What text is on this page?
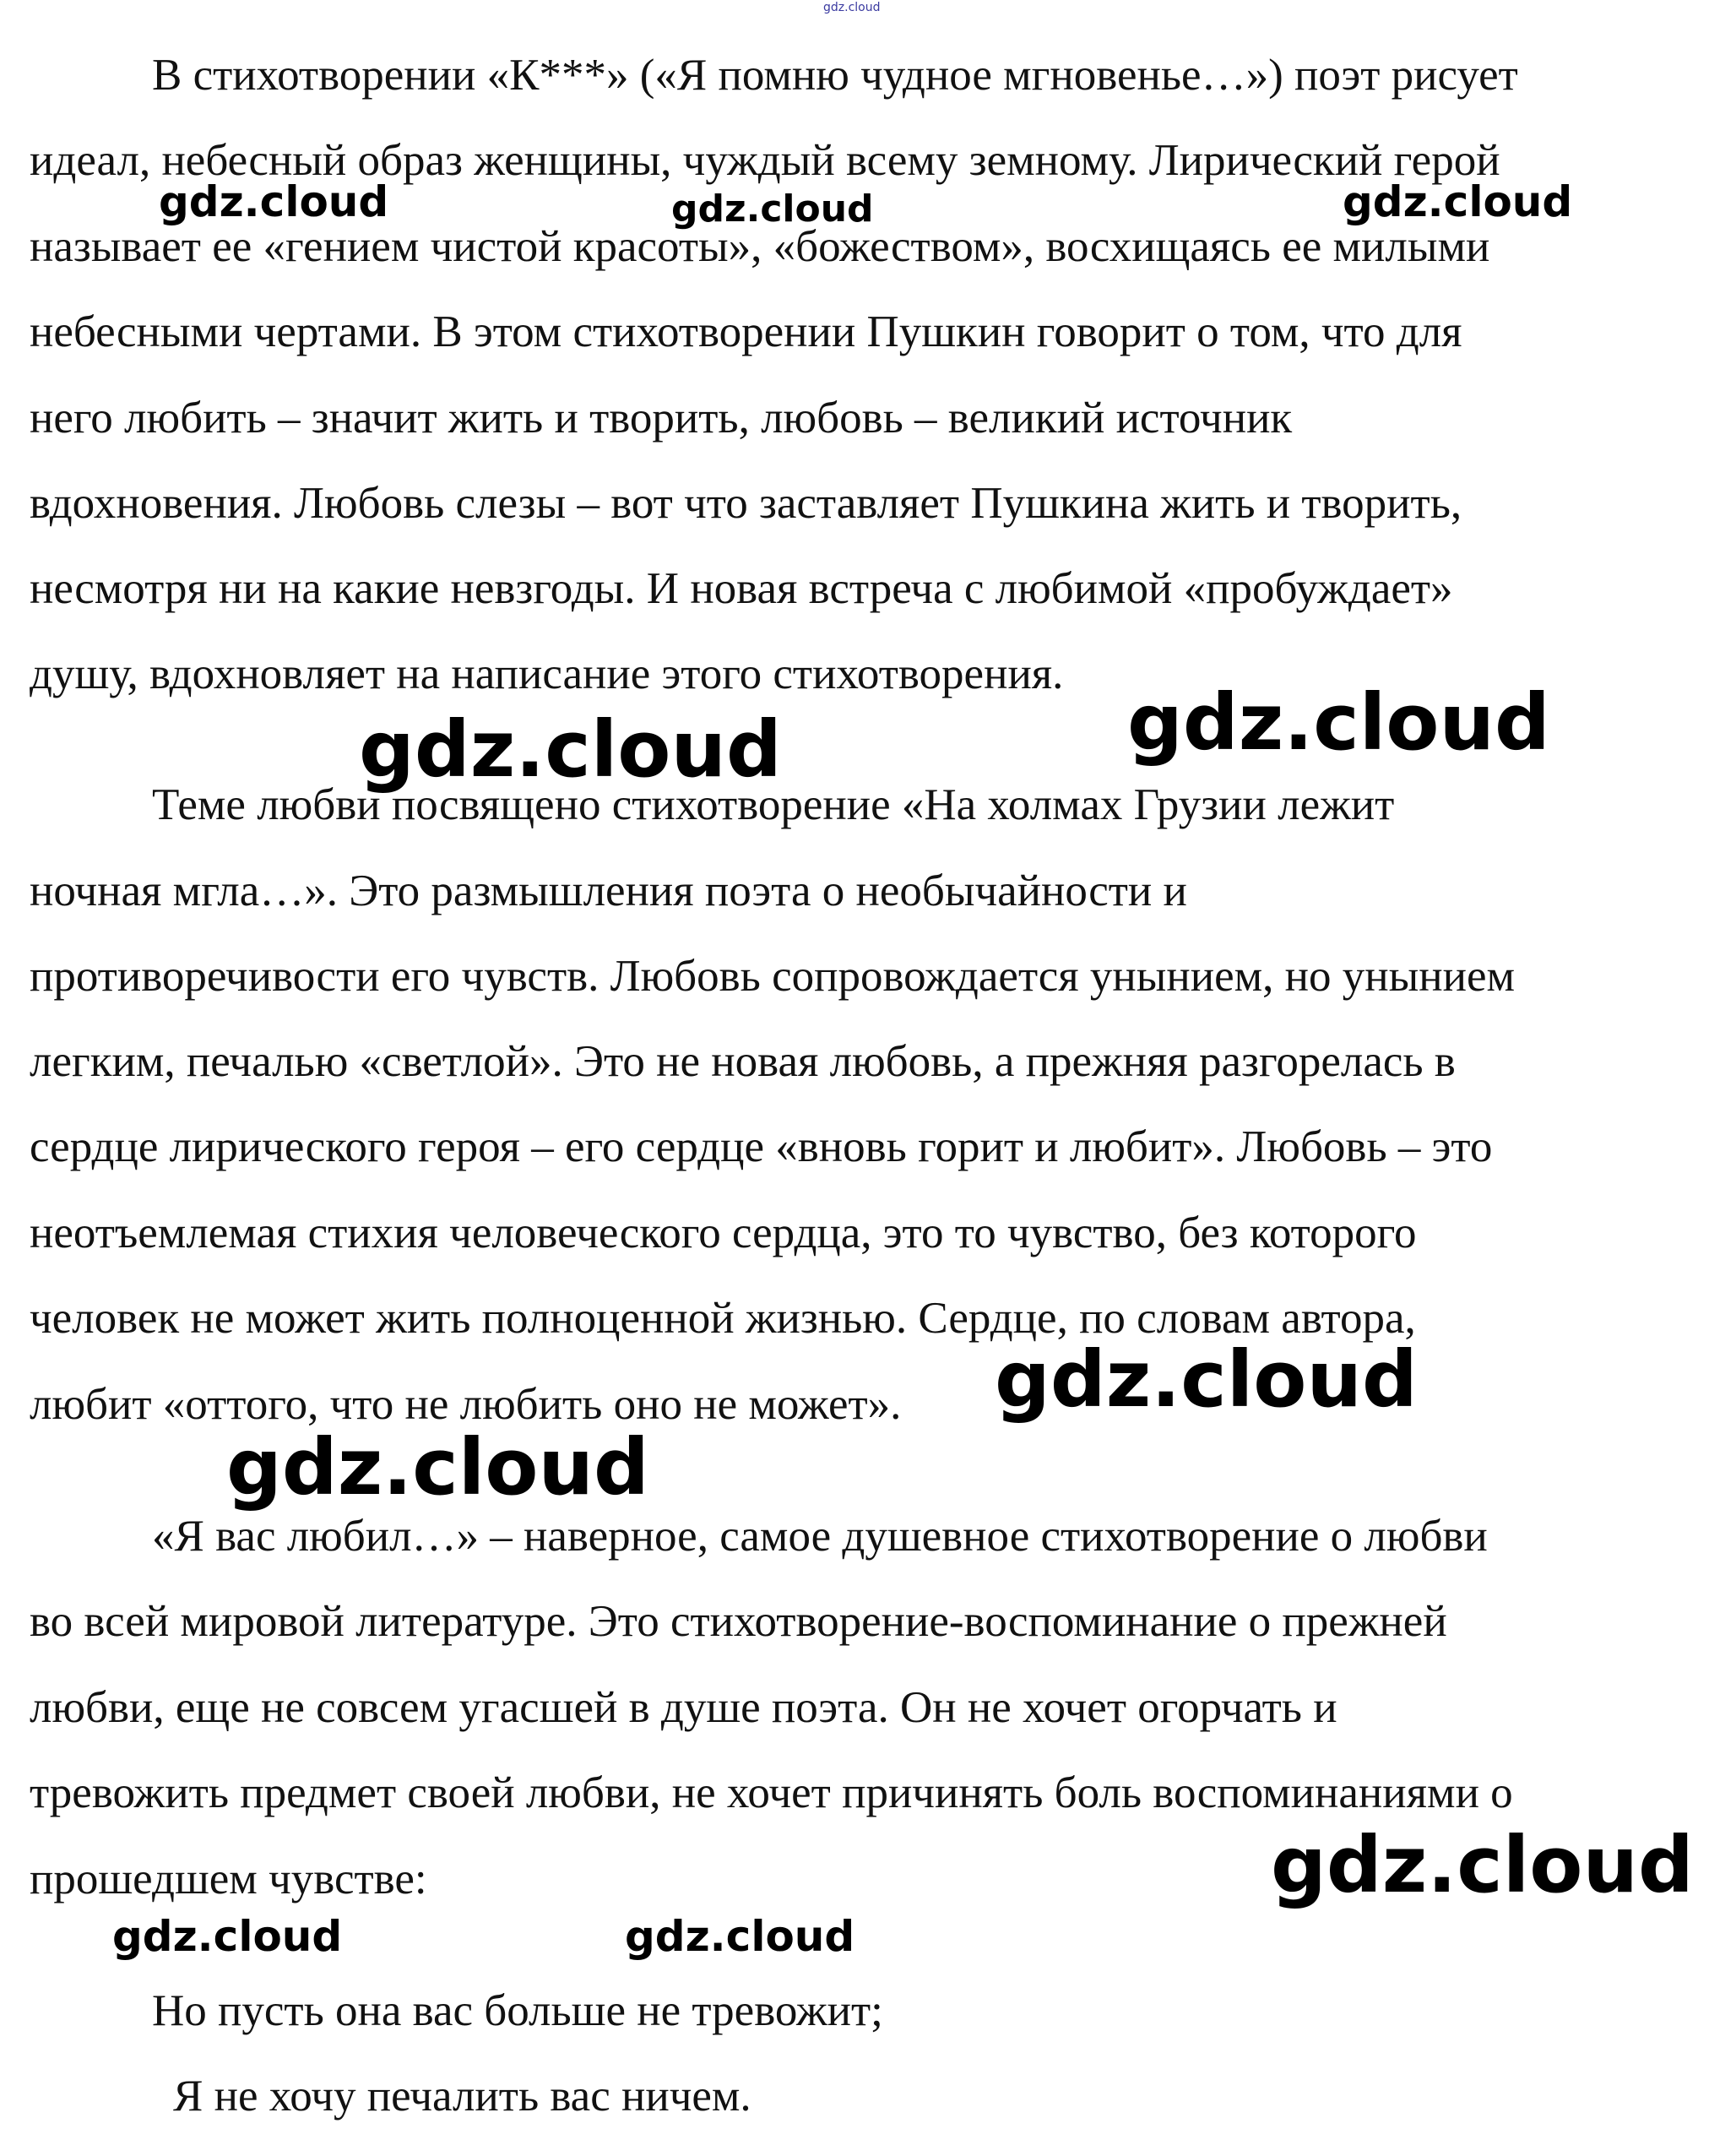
gdz.cloud

В стихотворении «К***» («Я помню чудное мгновенье…») поэт рисует

идеал, небесный образ женщины, чуждый всему земному. Лирический герой

называет ее «гением чистой красоты», «божеством», восхищаясь ее милыми

небесными чертами. В этом стихотворении Пушкин говорит о том, что для

него любить – значит жить и творить, любовь – великий источник

вдохновения. Любовь слезы – вот что заставляет Пушкина жить и творить,

несмотря ни на какие невзгоды. И новая встреча с любимой «пробуждает»

душу, вдохновляет на написание этого стихотворения.

Теме любви посвящено стихотворение «На холмах Грузии лежит

ночная мгла…». Это размышления поэта о необычайности и

противоречивости его чувств. Любовь сопровождается унынием, но унынием

легким, печалью «светлой». Это не новая любовь, а прежняя разгорелась в

сердце лирического героя – его сердце «вновь горит и любит». Любовь – это

неотъемлемая стихия человеческого сердца, это то чувство, без которого

человек не может жить полноценной жизнью. Сердце, по словам автора,

любит «оттого, что не любить оно не может».

«Я вас любил…» – наверное, самое душевное стихотворение о любви

во всей мировой литературе. Это стихотворение-воспоминание о прежней

любви, еще не совсем угасшей в душе поэта. Он не хочет огорчать и

тревожить предмет своей любви, не хочет причинять боль воспоминаниями о

прошедшем чувстве:

Но пусть она вас больше не тревожит;

Я не хочу печалить вас ничем.

gdz.cloud	gdz.cloud	gdz.cloud
gdz.cloud	gdz.cloud
gdz.cloud
gdz.cloud
gdz.cloud
gdz.cloud	gdz.cloud
